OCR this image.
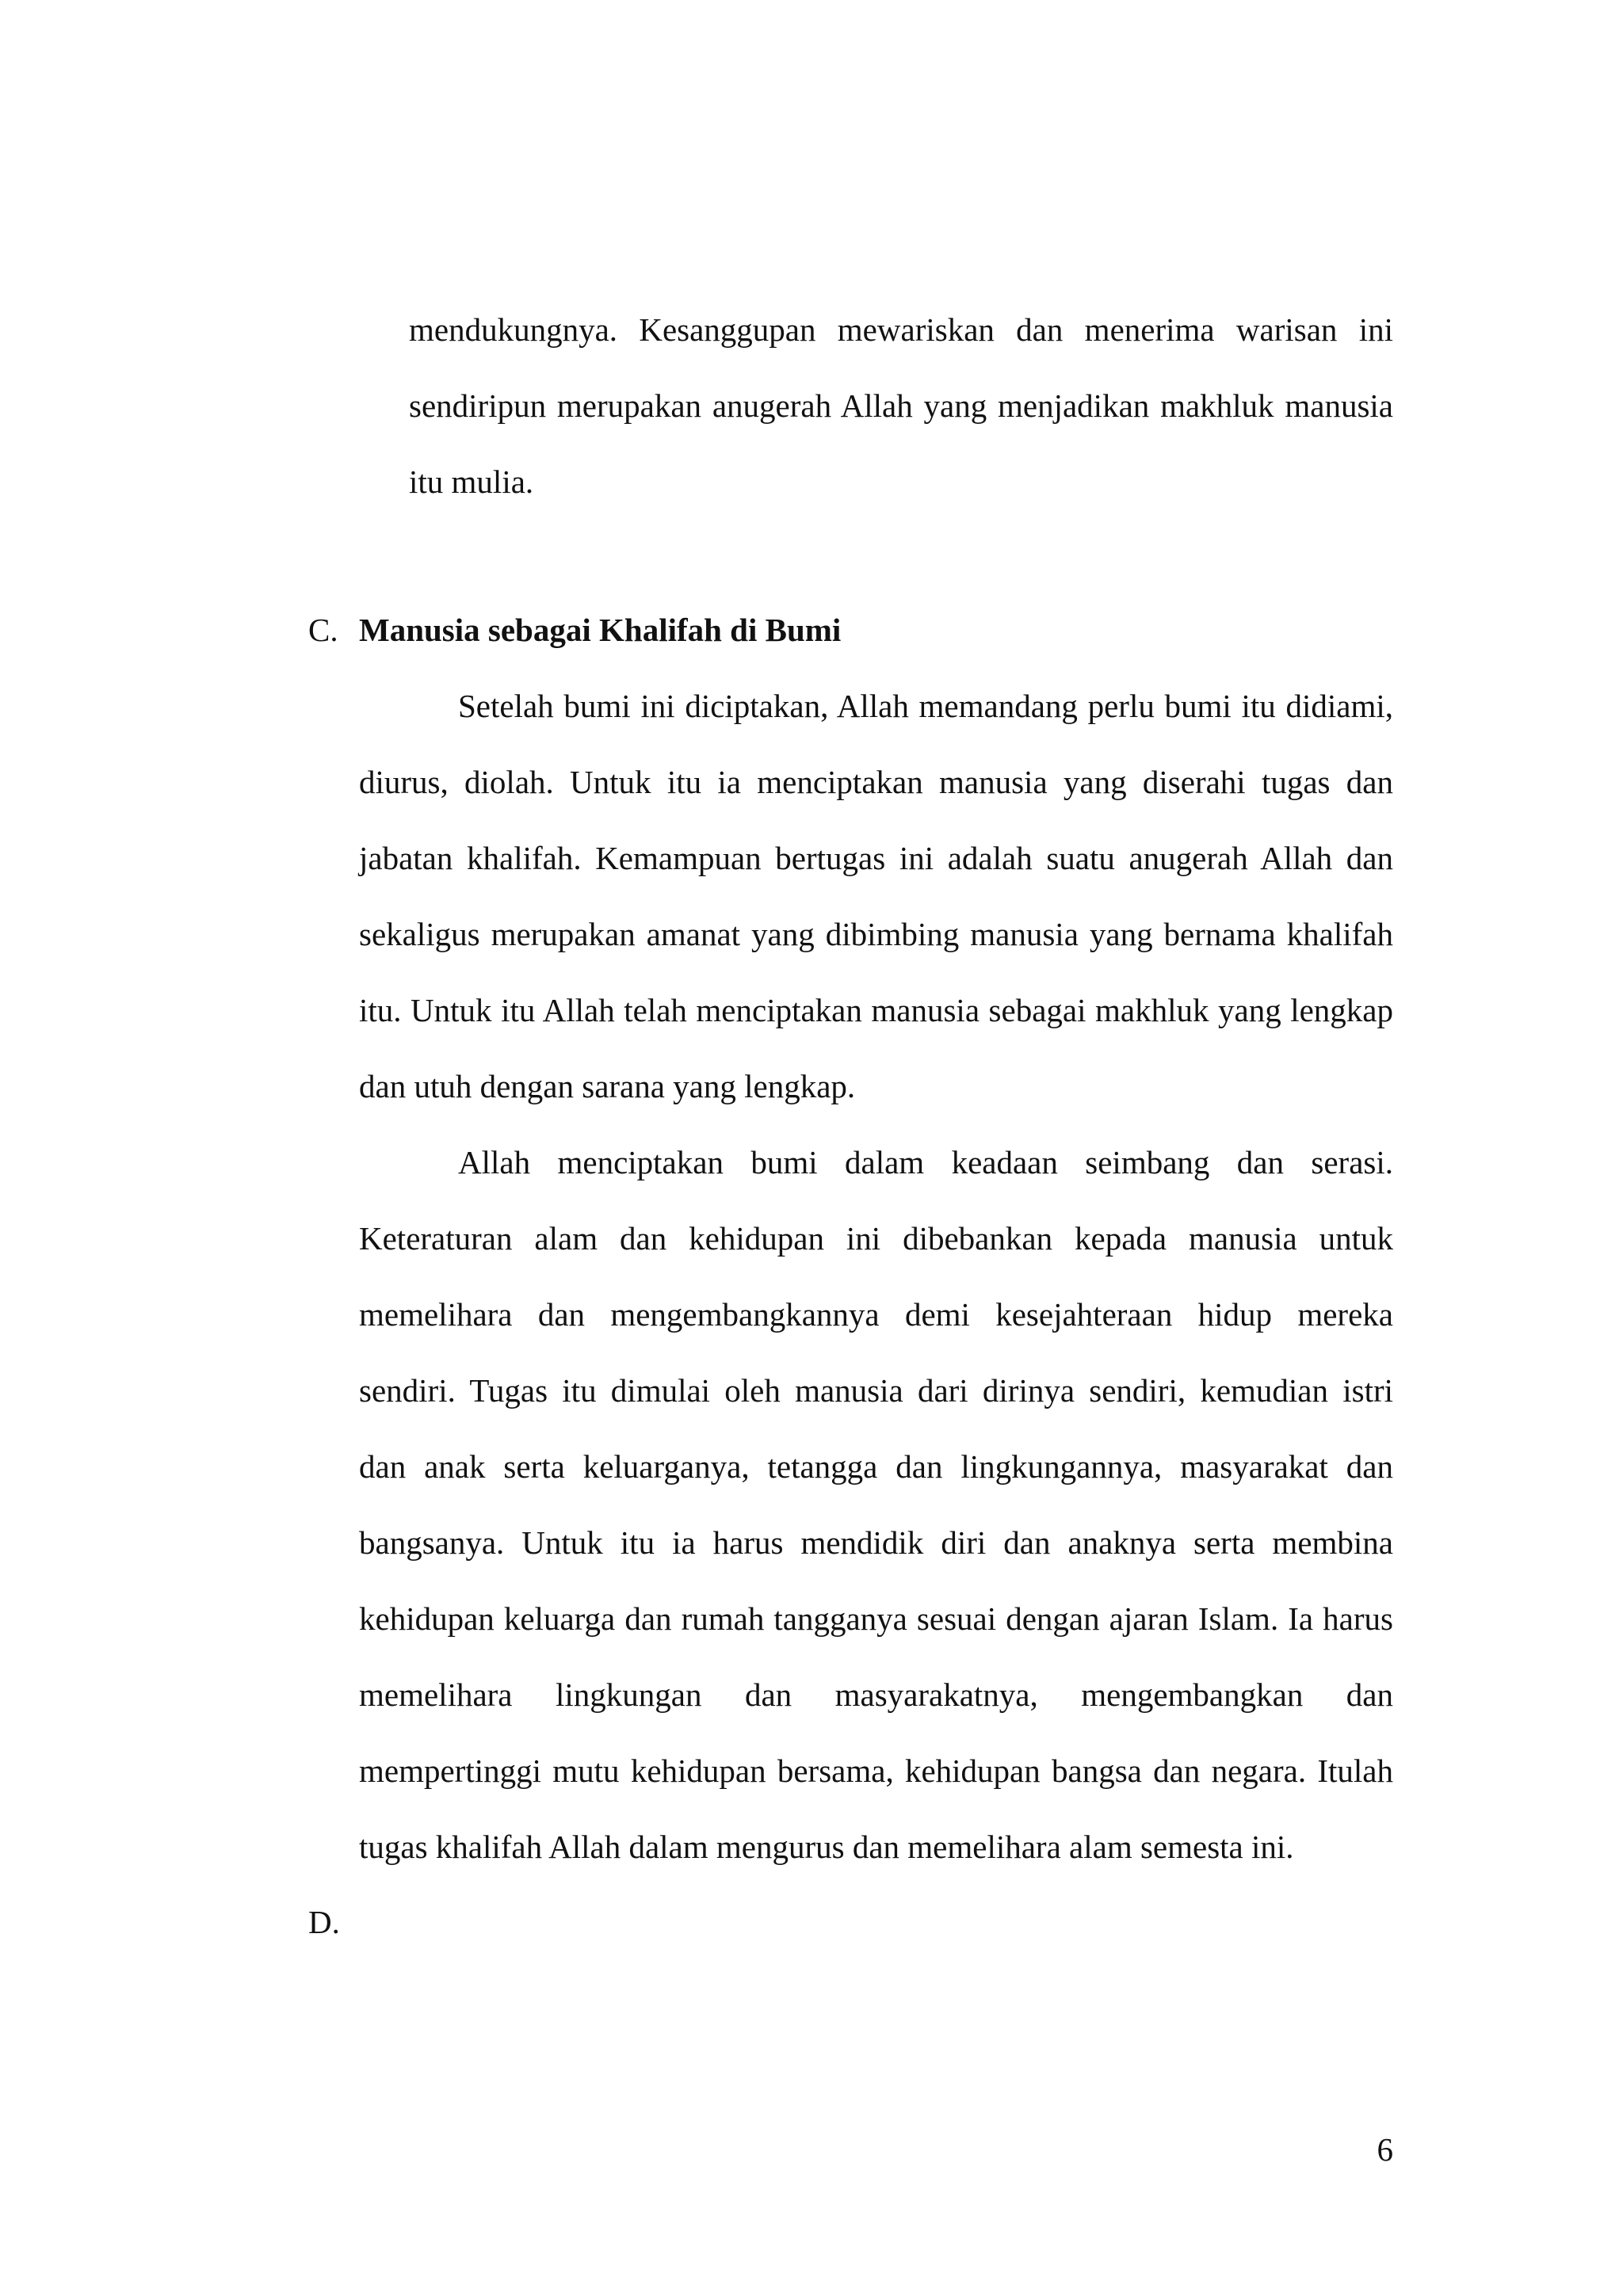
mendukungnya. Kesanggupan mewariskan dan menerima warisan ini
sendiripun merupakan anugerah Allah yang menjadikan makhluk manusia
itu mulia.
C. Manusia sebagai Khalifah di Bumi
Setelah bumi ini diciptakan, Allah memandang perlu bumi itu didiami,
diurus, diolah. Untuk itu ia menciptakan manusia yang diserahi tugas dan
jabatan khalifah. Kemampuan bertugas ini adalah suatu anugerah Allah dan
sekaligus merupakan amanat yang dibimbing manusia yang bernama khalifah
itu. Untuk itu Allah telah menciptakan manusia sebagai makhluk yang lengkap
dan utuh dengan sarana yang lengkap.
Allah menciptakan bumi dalam keadaan seimbang dan serasi.
Keteraturan alam dan kehidupan ini dibebankan kepada manusia untuk
memelihara dan mengembangkannya demi kesejahteraan hidup mereka
sendiri. Tugas itu dimulai oleh manusia dari dirinya sendiri, kemudian istri
dan anak serta keluarganya, tetangga dan lingkungannya, masyarakat dan
bangsanya. Untuk itu ia harus mendidik diri dan anaknya serta membina
kehidupan keluarga dan rumah tangganya sesuai dengan ajaran Islam. Ia harus
memelihara lingkungan dan masyarakatnya, mengembangkan dan
mempertinggi mutu kehidupan bersama, kehidupan bangsa dan negara. Itulah
tugas khalifah Allah dalam mengurus dan memelihara alam semesta ini.
D.
6
